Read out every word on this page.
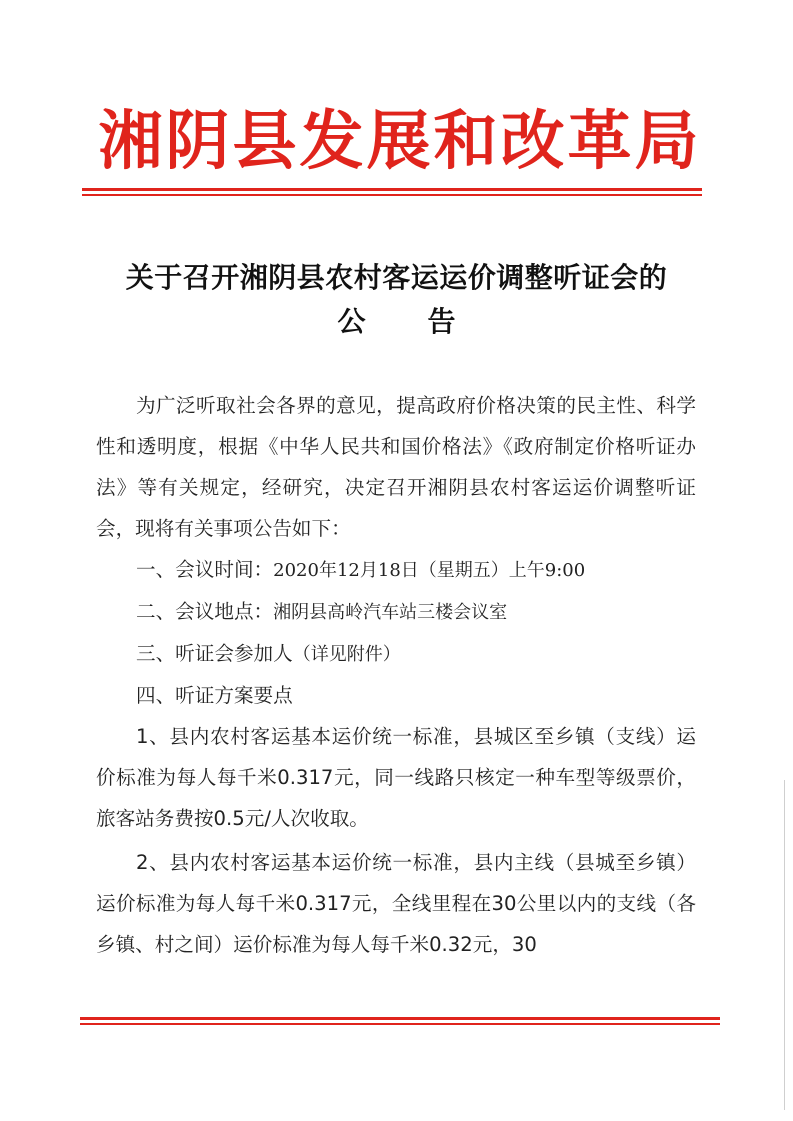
湘阴县发展和改革局
关于召开湘阴县农村客运运价调整听证会的
公告

为广泛听取社会各界的意见，提高政府价格决策的民主性、科学性和透明度，根据《中华人民共和国价格法》《政府制定价格听证办法》等有关规定，经研究，决定召开湘阴县农村客运运价调整听证会，现将有关事项公告如下：

一、会议时间：2020年12月18日（星期五）上午9:00

二、会议地点：湘阴县高岭汽车站三楼会议室

三、听证会参加人（详见附件）

四、听证方案要点

1、县内农村客运基本运价统一标准，县城区至乡镇（支线）运价标准为每人每千米0.317元，同一线路只核定一种车型等级票价，旅客站务费按0.5元/人次收取。

2、县内农村客运基本运价统一标准，县内主线（县城至乡镇）运价标准为每人每千米0.317元，全线里程在30公里以内的支线（各乡镇、村之间）运价标准为每人每千米0.32元，30
